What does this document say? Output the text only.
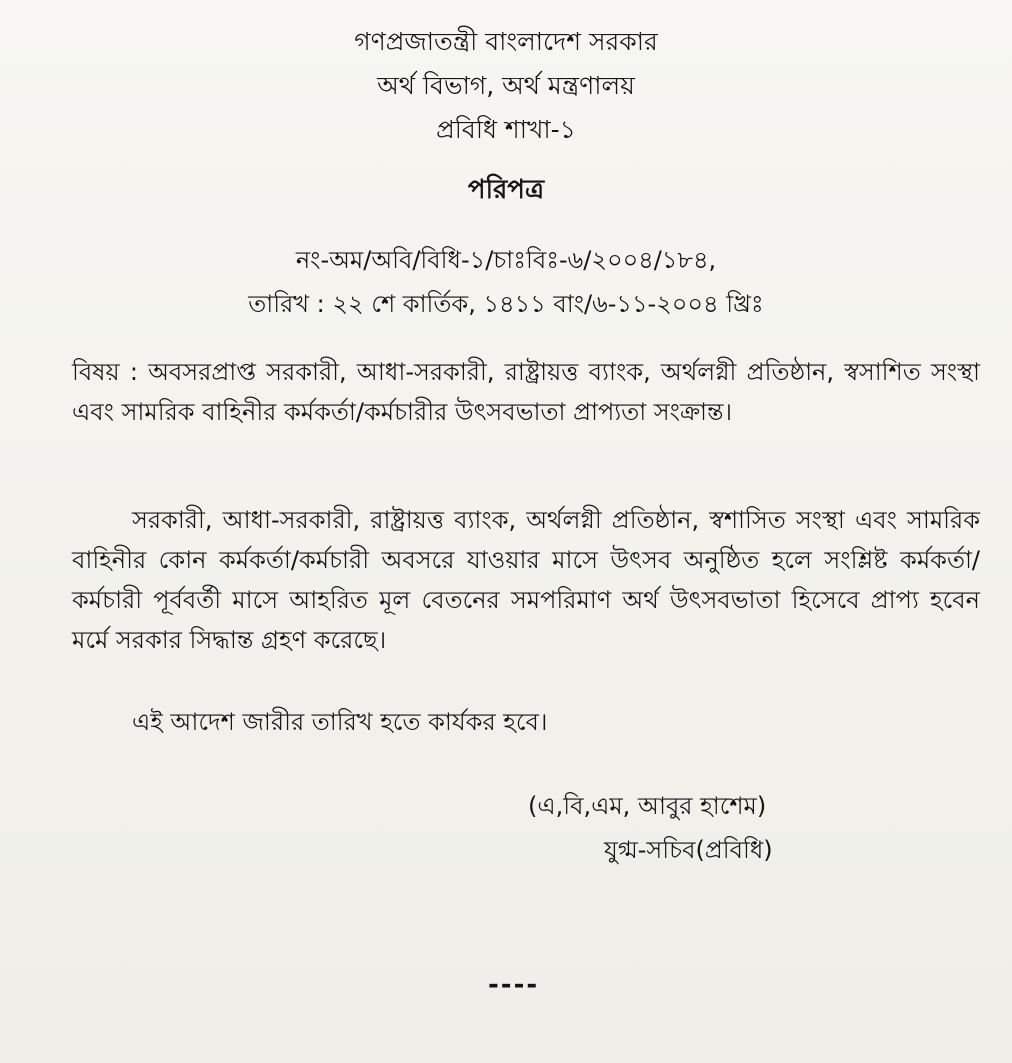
গণপ্রজাতন্ত্রী বাংলাদেশ সরকার
অর্থ বিভাগ, অর্থ মন্ত্রণালয়
প্রবিধি শাখা-১
পরিপত্র
নং-অম/অবি/বিধি-১/চাঃবিঃ-৬/২০০৪/১৮৪,
তারিখ : ২২ শে কার্তিক, ১৪১১ বাং/৬-১১-২০০৪ খ্রিঃ
বিষয় : অবসরপ্রাপ্ত সরকারী, আধা-সরকারী, রাষ্ট্রায়ত্ত ব্যাংক, অর্থলগ্নী প্রতিষ্ঠান, স্বসাশিত সংস্থা এবং সামরিক বাহিনীর কর্মকর্তা/কর্মচারীর উৎসবভাতা প্রাপ্যতা সংক্রান্ত।
সরকারী, আধা-সরকারী, রাষ্ট্রায়ত্ত ব্যাংক, অর্থলগ্নী প্রতিষ্ঠান, স্বশাসিত সংস্থা এবং সামরিক বাহিনীর কোন কর্মকর্তা/কর্মচারী অবসরে যাওয়ার মাসে উৎসব অনুষ্ঠিত হলে সংশ্লিষ্ট কর্মকর্তা/কর্মচারী পূর্ববর্তী মাসে আহরিত মূল বেতনের সমপরিমাণ অর্থ উৎসবভাতা হিসেবে প্রাপ্য হবেন মর্মে সরকার সিদ্ধান্ত গ্রহণ করেছে।
এই আদেশ জারীর তারিখ হতে কার্যকর হবে।
(এ,বি,এম, আবুর হাশেম)
যুগ্ম-সচিব(প্রবিধি)
----
